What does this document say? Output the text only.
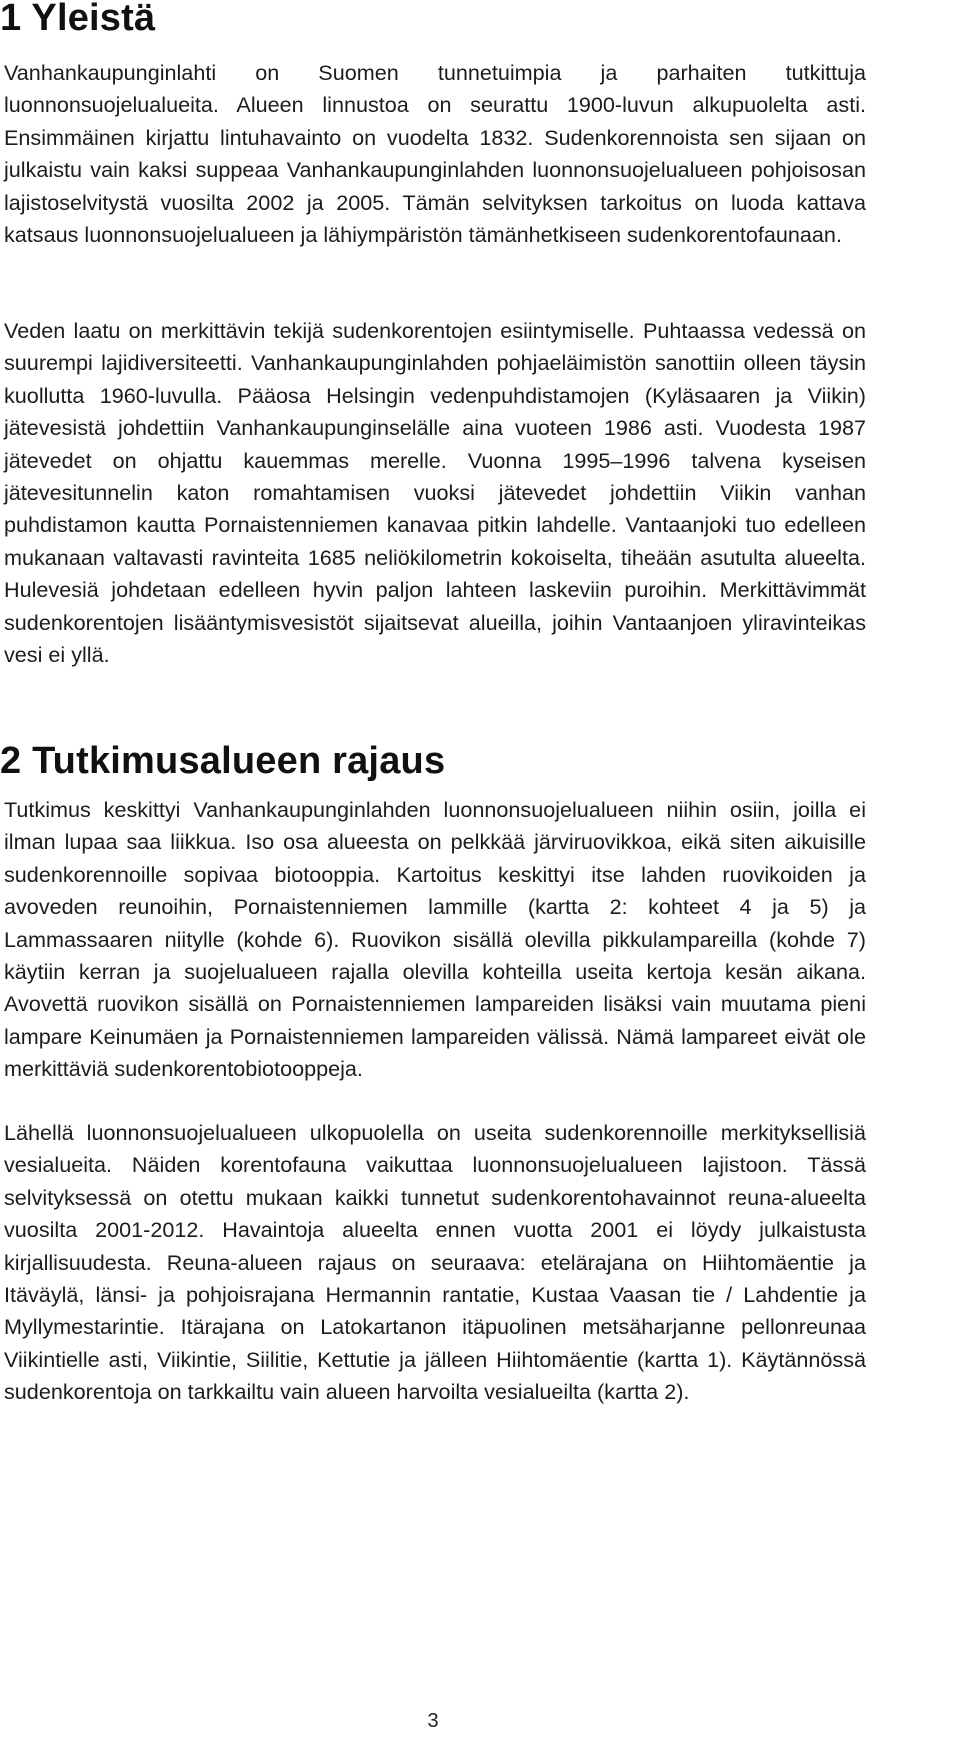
1 Yleistä

Vanhankaupunginlahti on Suomen tunnetuimpia ja parhaiten tutkittuja luonnonsuojelualueita. Alueen linnustoa on seurattu 1900-luvun alkupuolelta asti. Ensimmäinen kirjattu lintuhavainto on vuodelta 1832. Sudenkorennoista sen sijaan on julkaistu vain kaksi suppeaa Vanhankaupunginlahden luonnonsuojelualueen pohjoisosan lajistoselvitystä vuosilta 2002 ja 2005. Tämän selvityksen tarkoitus on luoda kattava katsaus luonnonsuojelualueen ja lähiympäristön tämänhetkiseen sudenkorentofaunaan.

Veden laatu on merkittävin tekijä sudenkorentojen esiintymiselle. Puhtaassa vedessä on suurempi lajidiversiteetti. Vanhankaupunginlahden pohjaeläimistön sanottiin olleen täysin kuollutta 1960-luvulla. Pääosa Helsingin vedenpuhdistamojen (Kyläsaaren ja Viikin) jätevesistä johdettiin Vanhankaupunginselälle aina vuoteen 1986 asti. Vuodesta 1987 jätevedet on ohjattu kauemmas merelle. Vuonna 1995–1996 talvena kyseisen jätevesitunnelin katon romahtamisen vuoksi jätevedet johdettiin Viikin vanhan puhdistamon kautta Pornaistenniemen kanavaa pitkin lahdelle. Vantaanjoki tuo edelleen mukanaan valtavasti ravinteita 1685 neliökilometrin kokoiselta, tiheään asutulta alueelta. Hulevesiä johdetaan edelleen hyvin paljon lahteen laskeviin puroihin. Merkittävimmät sudenkorentojen lisääntymisvesistöt sijaitsevat alueilla, joihin Vantaanjoen yliravinteikas vesi ei yllä.

2 Tutkimusalueen rajaus

Tutkimus keskittyi Vanhankaupunginlahden luonnonsuojelualueen niihin osiin, joilla ei ilman lupaa saa liikkua. Iso osa alueesta on pelkkää järviruovikkoa, eikä siten aikuisille sudenkorennoille sopivaa biotooppia. Kartoitus keskittyi itse lahden ruovikoiden ja avoveden reunoihin, Pornaistenniemen lammille (kartta 2: kohteet 4 ja 5) ja Lammassaaren niitylle (kohde 6). Ruovikon sisällä olevilla pikkulampareilla (kohde 7) käytiin kerran ja suojelualueen rajalla olevilla kohteilla useita kertoja kesän aikana. Avovettä ruovikon sisällä on Pornaistenniemen lampareiden lisäksi vain muutama pieni lampare Keinumäen ja Pornaistenniemen lampareiden välissä. Nämä lampareet eivät ole merkittäviä sudenkorentobiotooppeja.

Lähellä luonnonsuojelualueen ulkopuolella on useita sudenkorennoille merkityksellisiä vesialueita. Näiden korentofauna vaikuttaa luonnonsuojelualueen lajistoon. Tässä selvityksessä on otettu mukaan kaikki tunnetut sudenkorentohavainnot reuna-alueelta vuosilta 2001-2012. Havaintoja alueelta ennen vuotta 2001 ei löydy julkaistusta kirjallisuudesta. Reuna-alueen rajaus on seuraava: etelärajana on Hiihtomäentie ja Itäväylä, länsi- ja pohjoisrajana Hermannin rantatie, Kustaa Vaasan tie / Lahdentie ja Myllymestarintie. Itärajana on Latokartanon itäpuolinen metsäharjanne pellonreunaa Viikintielle asti, Viikintie, Siilitie, Kettutie ja jälleen Hiihtomäentie (kartta 1). Käytännössä sudenkorentoja on tarkkailtu vain alueen harvoilta vesialueilta (kartta 2).

3
